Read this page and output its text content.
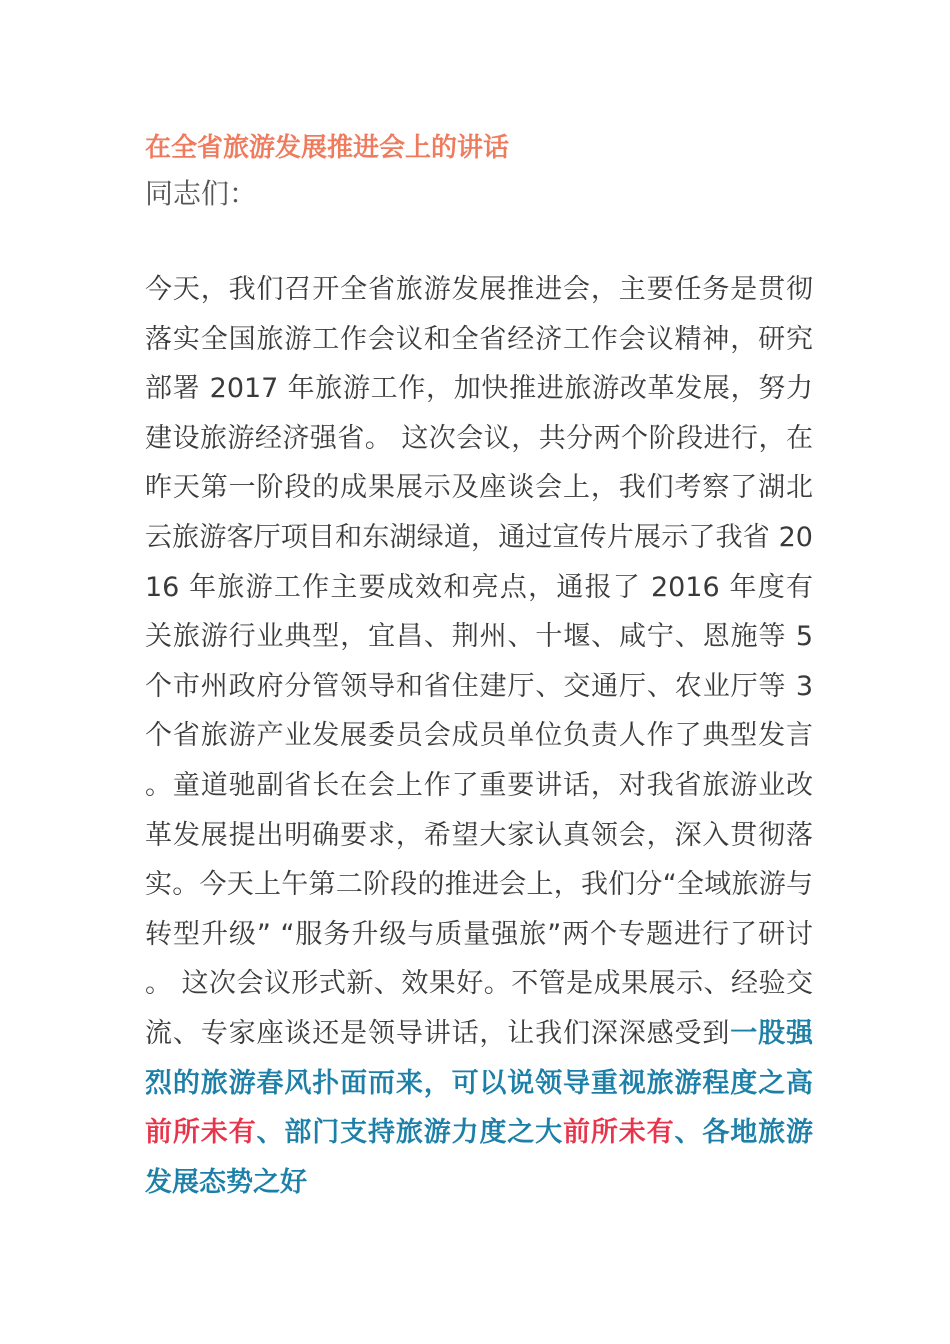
在全省旅游发展推进会上的讲话

同志们：

今天，我们召开全省旅游发展推进会，主要任务是贯彻落实全国旅游工作会议和全省经济工作会议精神，研究部署 2017 年旅游工作，加快推进旅游改革发展，努力建设旅游经济强省。 这次会议，共分两个阶段进行，在昨天第一阶段的成果展示及座谈会上，我们考察了湖北云旅游客厅项目和东湖绿道，通过宣传片展示了我省 2016 年旅游工作主要成效和亮点，通报了 2016 年度有关旅游行业典型，宜昌、荆州、十堰、咸宁、恩施等 5 个市州政府分管领导和省住建厅、交通厅、农业厅等 3 个省旅游产业发展委员会成员单位负责人作了典型发言。童道驰副省长在会上作了重要讲话，对我省旅游业改革发展提出明确要求，希望大家认真领会，深入贯彻落实。今天上午第二阶段的推进会上，我们分“全域旅游与转型升级” “服务升级与质量强旅”两个专题进行了研讨。 这次会议形式新、效果好。不管是成果展示、经验交流、专家座谈还是领导讲话，让我们深深感受到一股强烈的旅游春风扑面而来，可以说领导重视旅游程度之高前所未有、部门支持旅游力度之大前所未有、各地旅游发展态势之好
